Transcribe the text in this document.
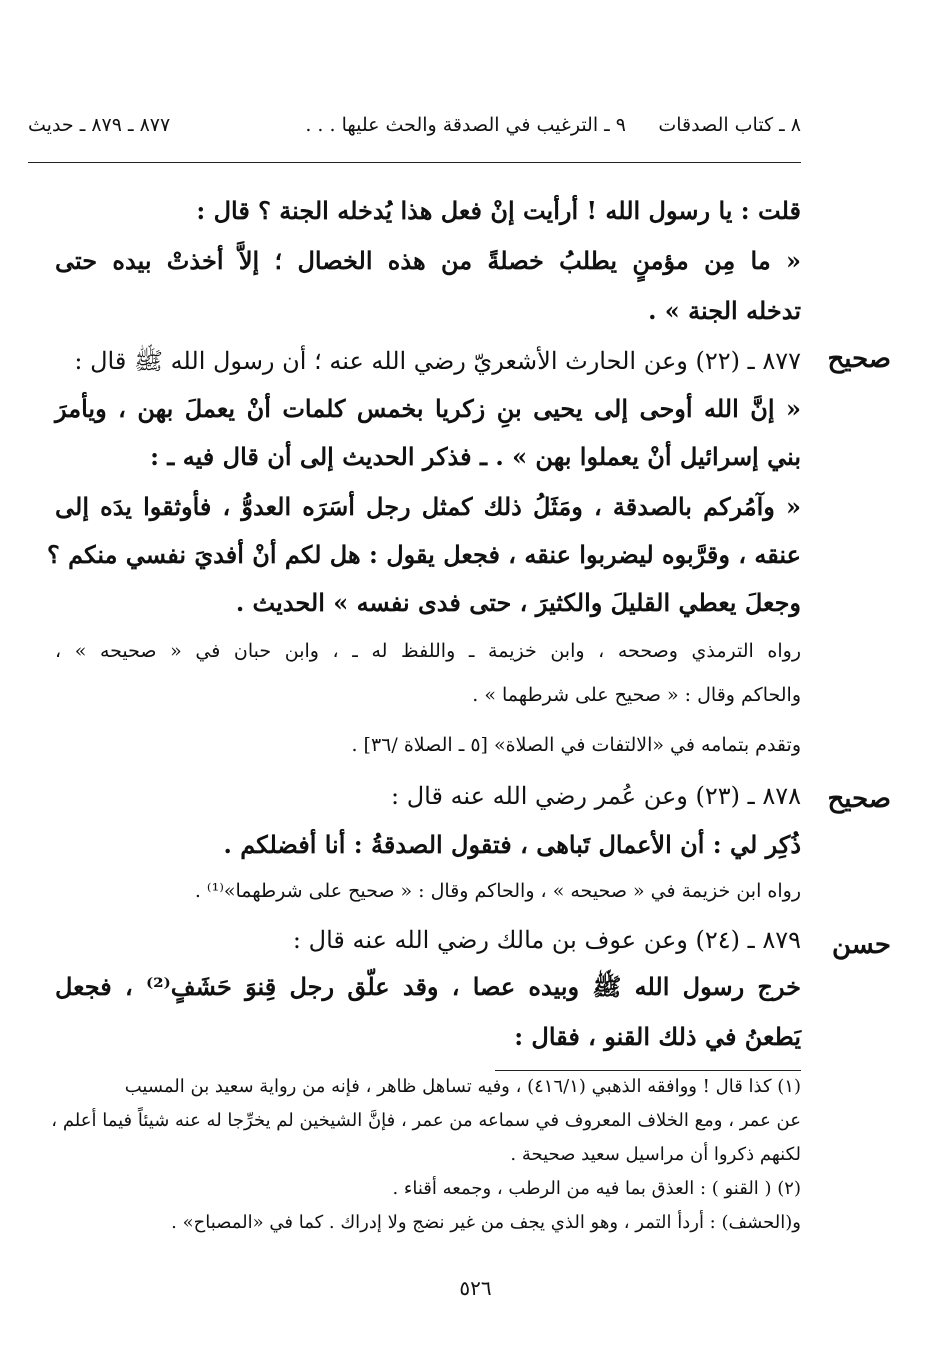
٨ ـ كتاب الصدقات
٩ ـ الترغيب في الصدقة والحث عليها . . .
٨٧٧ ـ ٨٧٩ ـ حديث
قلت : يا رسول الله ! أرأيت إنْ فعل هذا يُدخله الجنة ؟ قال :
« ما مِن مؤمنٍ يطلبُ خصلةً من هذه الخصال ؛ إلاَّ أخذتْ بيده حتى
تدخله الجنة » .
صحيح
٨٧٧ ـ (٢٢) وعن الحارث الأشعريّ رضي الله عنه ؛ أن رسول الله ﷺ قال :
« إنَّ الله أوحى إلى يحيى بنِ زكريا بخمس كلمات أنْ يعملَ بهن ، ويأمرَ
بني إسرائيل أنْ يعملوا بهن » . ـ فذكر الحديث إلى أن قال فيه ـ :
« وآمُركم بالصدقة ، ومَثَلُ ذلك كمثل رجل أسَرَه العدوُّ ، فأوثقوا يدَه إلى
عنقه ، وقرَّبوه ليضربوا عنقه ، فجعل يقول : هل لكم أنْ أفديَ نفسي منكم ؟
وجعلَ يعطي القليلَ والكثيرَ ، حتى فدى نفسه » الحديث .
رواه الترمذي وصححه ، وابن خزيمة ـ واللفظ له ـ ، وابن حبان في « صحيحه » ،
والحاكم وقال : « صحيح على شرطهما » .
وتقدم بتمامه في «الالتفات في الصلاة» [٥ ـ الصلاة /٣٦] .
صحيح
٨٧٨ ـ (٢٣) وعن عُمر رضي الله عنه قال :
ذُكِر لي : أن الأعمال تَباهى ، فتقول الصدقةُ : أنا أفضلكم .
رواه ابن خزيمة في « صحيحه » ، والحاكم وقال : « صحيح على شرطهما»⁽¹⁾ .
حسن
٨٧٩ ـ (٢٤) وعن عوف بن مالك رضي الله عنه قال :
خرج رسول الله ﷺ وبيده عصا ، وقد علّق رجل قِنوَ حَشَفٍ⁽²⁾ ، فجعل
يَطعنُ في ذلك القنو ، فقال :
(١) كذا قال ! ووافقه الذهبي (٤١٦/١) ، وفيه تساهل ظاهر ، فإنه من رواية سعيد بن المسيب
عن عمر ، ومع الخلاف المعروف في سماعه من عمر ، فإنَّ الشيخين لم يخرِّجا له عنه شيئاً فيما أعلم ،
لكنهم ذكروا أن مراسيل سعيد صحيحة .
(٢) ( القنو ) : العذق بما فيه من الرطب ، وجمعه أقناء .
و(الحشف) : أردأ التمر ، وهو الذي يجف من غير نضج ولا إدراك . كما في «المصباح» .
٥٢٦
